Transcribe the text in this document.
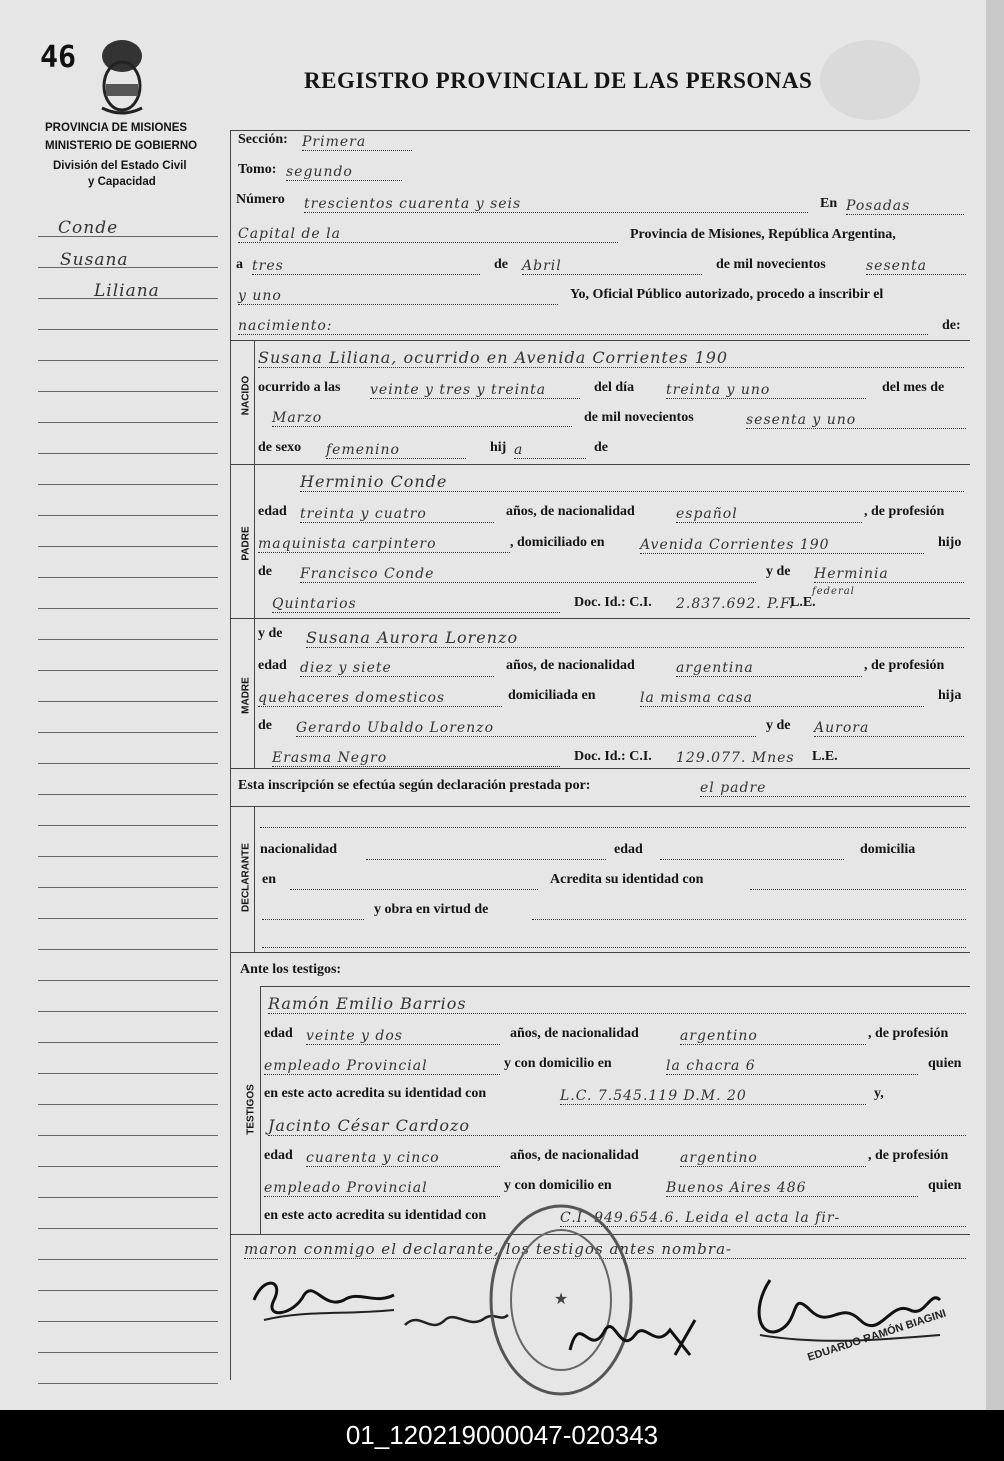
46
REGISTRO PROVINCIAL DE LAS PERSONAS
PROVINCIA DE MISIONES
MINISTERIO DE GOBIERNO
División del Estado Civil
y Capacidad
Conde
Susana
Liliana
Sección: Primera
Tomo: segundo
Número trescientos cuarenta y seis	En Posadas
Capital de la	Provincia de Misiones, República Argentina,
a tres	de Abril	de mil novecientos	sesenta
y uno	Yo, Oficial Público autorizado, procedo a inscribir el
nacimiento:	de:
NACIDO
Susana Liliana, ocurrido en Avenida Corrientes 190
ocurrido a las veinte y tres y treinta	del día treinta y uno	del mes de
Marzo	de mil novecientos	sesenta y uno
de sexo femenino	hij a	de
PADRE
Herminio Conde
edad treinta y cuatro	años, de nacionalidad	español	, de profesión
maquinista carpintero	, domiciliado en	Avenida Corrientes 190	hijo
de Francisco Conde	y de Herminia
Quintarios	Doc. Id.: C.I. 2.837.692. P.F.
federal
L.E.
MADRE
y de Susana Aurora Lorenzo
edad diez y siete	años, de nacionalidad	argentina	, de profesión
quehaceres domesticos	domiciliada en	la misma casa	hija
de Gerardo Ubaldo Lorenzo	y de Aurora
Erasma Negro	Doc. Id.: C.I. 129.077. Mnes L.E.
Esta inscripción se efectúa según declaración prestada por:	el padre
DECLARANTE nacionalidad	edad	domicilia
en	Acredita su identidad con
y obra en virtud de
Ante los testigos:
TESTIGOS
Ramón Emilio Barrios
edad veinte y dos	años, de nacionalidad	argentino	, de profesión
empleado Provincial	y con domicilio en	la chacra 6	quien
en este acto acredita su identidad con	L.C. 7.545.119 D.M. 20	y,
Jacinto César Cardozo
edad cuarenta y cinco	años, de nacionalidad	argentino	, de profesión
empleado Provincial	y con domicilio en	Buenos Aires 486	quien
en este acto acredita su identidad con	C.I. 949.654.6. Leida el acta la fir-
maron conmigo el declarante, los testigos antes nombra-
★
EDUARDO RAMÓN BIAGINI
01_120219000047-020343
